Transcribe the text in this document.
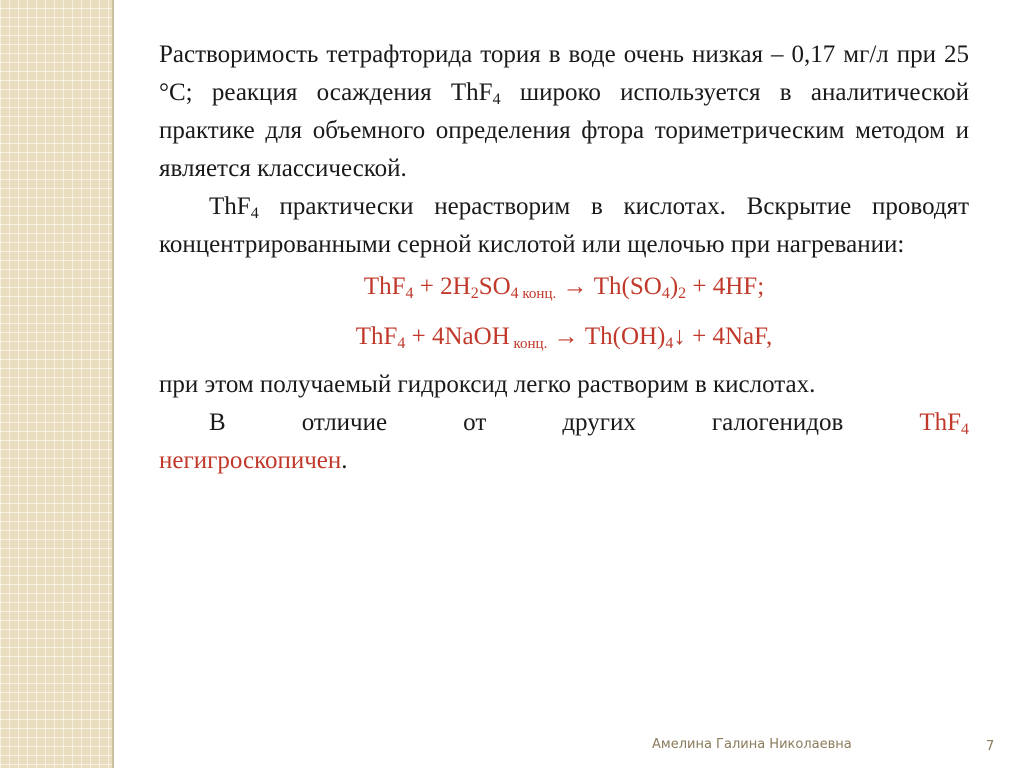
Растворимость тетрафторида тория в воде очень низкая – 0,17 мг/л при 25 °С; реакция осаждения ThF$_4$ широко используется в аналитической практике для объемного определения фтора ториметрическим методом и является классической.

ThF$_4$ практически нерастворим в кислотах. Вскрытие проводят концентрированными серной кислотой или щелочью при нагревании:

$ThF_4 + 2H_2SO_4$ конц. → $Th(SO_4)_2 + 4HF$;

ThF$_4$ + 4NaOH конц. → $Th(OH)_4↓ + 4NaF$,

при этом получаемый гидроксид легко растворим в кислотах.

В отличие от других галогенидов ThF$_4$

негигроскопичен.

Амелина Галина Николаевна	7
